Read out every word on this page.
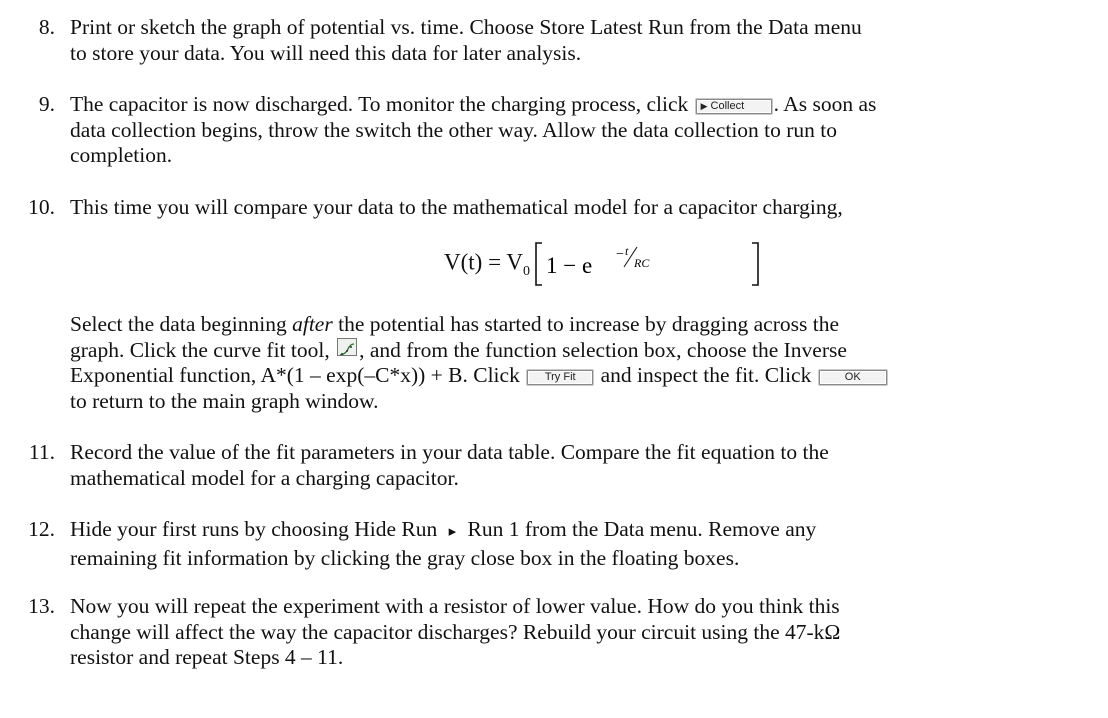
8. Print or sketch the graph of potential vs. time. Choose Store Latest Run from the Data menu
to store your data. You will need this data for later analysis.
9. The capacitor is now discharged. To monitor the charging process, click ▶ Collect . As soon as
data collection begins, throw the switch the other way. Allow the data collection to run to
completion.
10. This time you will compare your data to the mathematical model for a capacitor charging,
$V(t) = V_0$ 1 − e − t
RC
Select the data beginning after the potential has started to increase by dragging across the
graph. Click the curve fit tool, , and from the function selection box, choose the Inverse
Exponential function, A*(1 – exp(–C*x)) + B. Click Try Fit and inspect the fit. Click	OK
to return to the main graph window.
11. Record the value of the fit parameters in your data table. Compare the fit equation to the
mathematical model for a charging capacitor.
12. Hide your first runs by choosing Hide Run ▸ Run 1 from the Data menu. Remove any
remaining fit information by clicking the gray close box in the floating boxes.
13. Now you will repeat the experiment with a resistor of lower value. How do you think this
change will affect the way the capacitor discharges? Rebuild your circuit using the 47-kΩ
resistor and repeat Steps 4 – 11.
